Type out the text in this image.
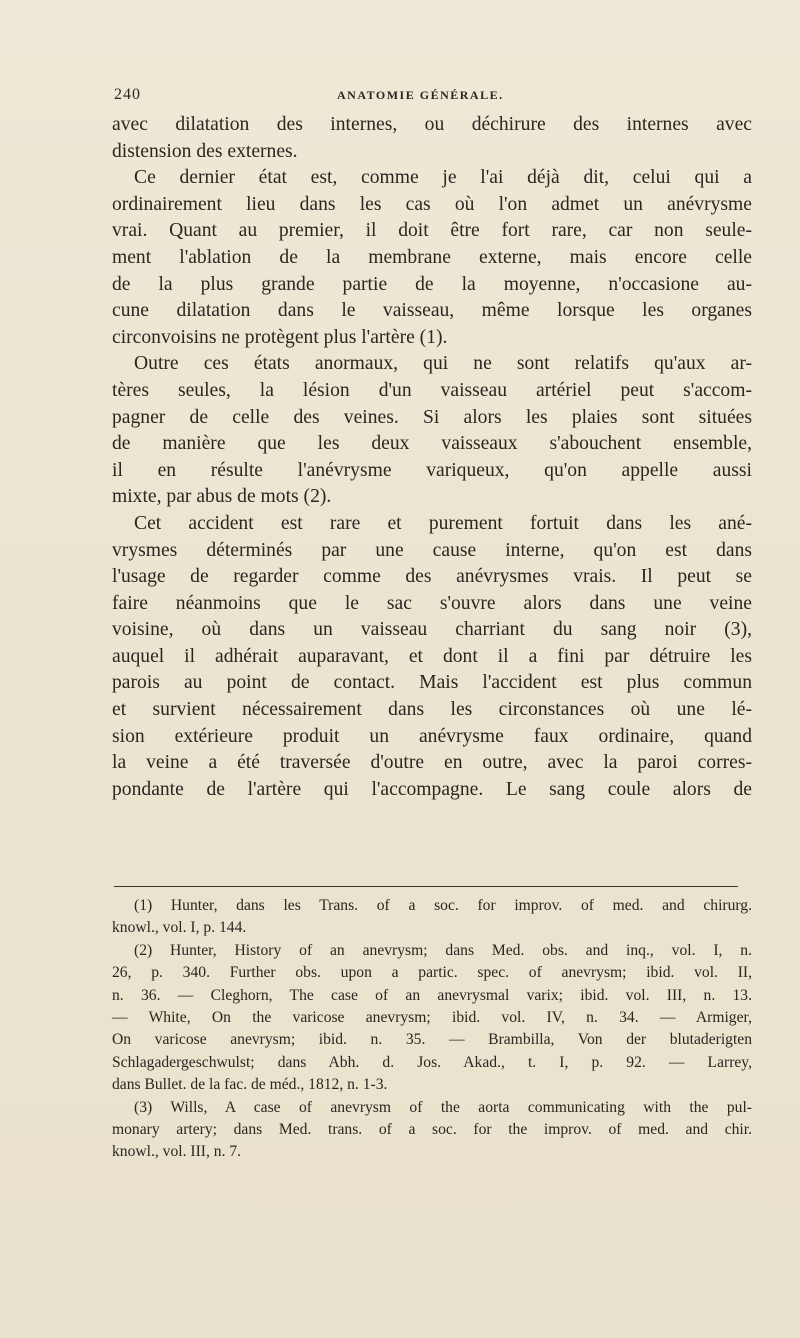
240	ANATOMIE GÉNÉRALE.
avec dilatation des internes, ou déchirure des internes avec
distension des externes.
Ce dernier état est, comme je l'ai déjà dit, celui qui a
ordinairement lieu dans les cas où l'on admet un anévrysme
vrai. Quant au premier, il doit être fort rare, car non seule-
ment l'ablation de la membrane externe, mais encore celle
de la plus grande partie de la moyenne, n'occasione au-
cune dilatation dans le vaisseau, même lorsque les organes
circonvoisins ne protègent plus l'artère (1).
Outre ces états anormaux, qui ne sont relatifs qu'aux ar-
tères seules, la lésion d'un vaisseau artériel peut s'accom-
pagner de celle des veines. Si alors les plaies sont situées
de manière que les deux vaisseaux s'abouchent ensemble,
il en résulte l'anévrysme variqueux, qu'on appelle aussi
mixte, par abus de mots (2).
Cet accident est rare et purement fortuit dans les ané-
vrysmes déterminés par une cause interne, qu'on est dans
l'usage de regarder comme des anévrysmes vrais. Il peut se
faire néanmoins que le sac s'ouvre alors dans une veine
voisine, où dans un vaisseau charriant du sang noir (3),
auquel il adhérait auparavant, et dont il a fini par détruire les
parois au point de contact. Mais l'accident est plus commun
et survient nécessairement dans les circonstances où une lé-
sion extérieure produit un anévrysme faux ordinaire, quand
la veine a été traversée d'outre en outre, avec la paroi corres-
pondante de l'artère qui l'accompagne. Le sang coule alors de
(1) Hunter, dans les Trans. of a soc. for improv. of med. and chirurg.
knowl., vol. I, p. 144.
(2) Hunter, History of an anevrysm; dans Med. obs. and inq., vol. I, n.
26, p. 340. Further obs. upon a partic. spec. of anevrysm; ibid. vol. II,
n. 36. — Cleghorn, The case of an anevrysmal varix; ibid. vol. III, n. 13.
— White, On the varicose anevrysm; ibid. vol. IV, n. 34. — Armiger,
On varicose anevrysm; ibid. n. 35. — Brambilla, Von der blutaderigten
Schlagadergeschwulst; dans Abh. d. Jos. Akad., t. I, p. 92. — Larrey,
dans Bullet. de la fac. de méd., 1812, n. 1-3.
(3) Wills, A case of anevrysm of the aorta communicating with the pul-
monary artery; dans Med. trans. of a soc. for the improv. of med. and chir.
knowl., vol. III, n. 7.
